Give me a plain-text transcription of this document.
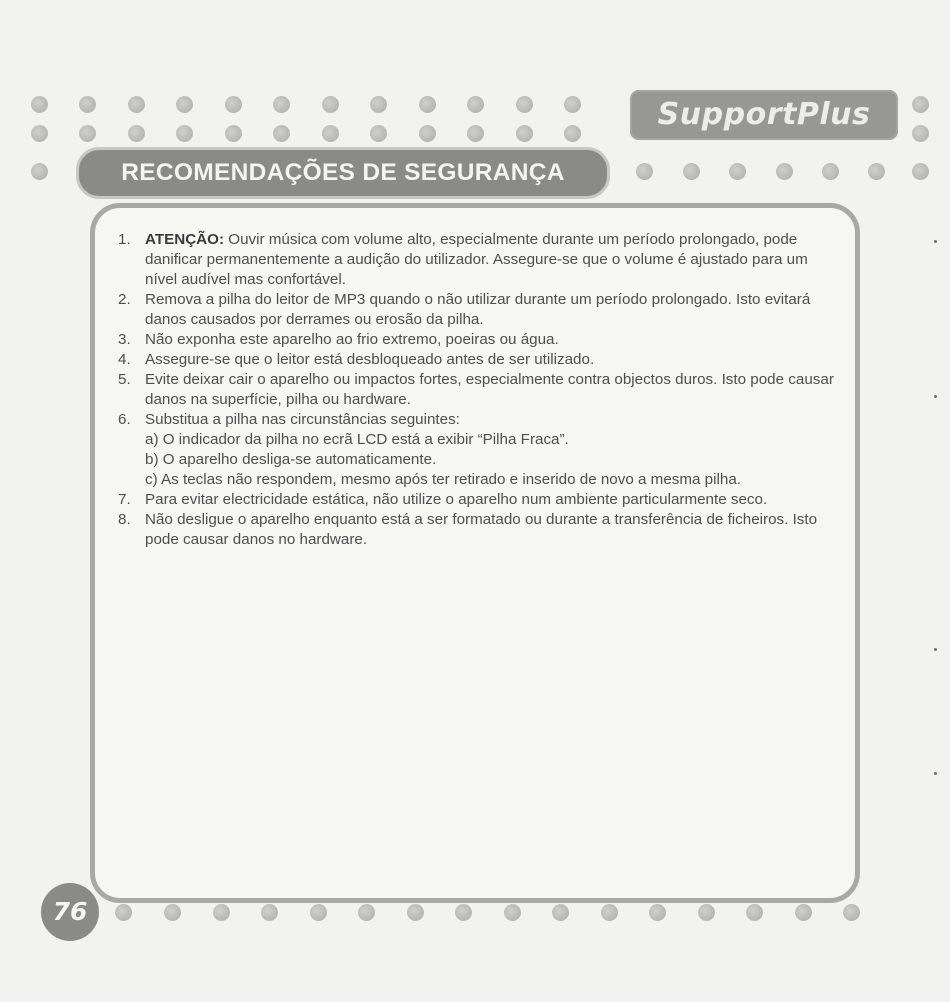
SupportPlus
RECOMENDAÇÕES DE SEGURANÇA
1. ATENÇÃO: Ouvir música com volume alto, especialmente durante um período prolongado, pode danificar permanentemente a audição do utilizador. Assegure-se que o volume é ajustado para um nível audível mas confortável.
2. Remova a pilha do leitor de MP3 quando o não utilizar durante um período prolongado. Isto evitará danos causados por derrames ou erosão da pilha.
3. Não exponha este aparelho ao frio extremo, poeiras ou água.
4. Assegure-se que o leitor está desbloqueado antes de ser utilizado.
5. Evite deixar cair o aparelho ou impactos fortes, especialmente contra objectos duros. Isto pode causar danos na superfície, pilha ou hardware.
6. Substitua a pilha nas circunstâncias seguintes:
a) O indicador da pilha no ecrã LCD está a exibir “Pilha Fraca”.
b) O aparelho desliga-se automaticamente.
c) As teclas não respondem, mesmo após ter retirado e inserido de novo a mesma pilha.
7. Para evitar electricidade estática, não utilize o aparelho num ambiente particularmente seco.
8. Não desligue o aparelho enquanto está a ser formatado ou durante a transferência de ficheiros. Isto pode causar danos no hardware.
76
